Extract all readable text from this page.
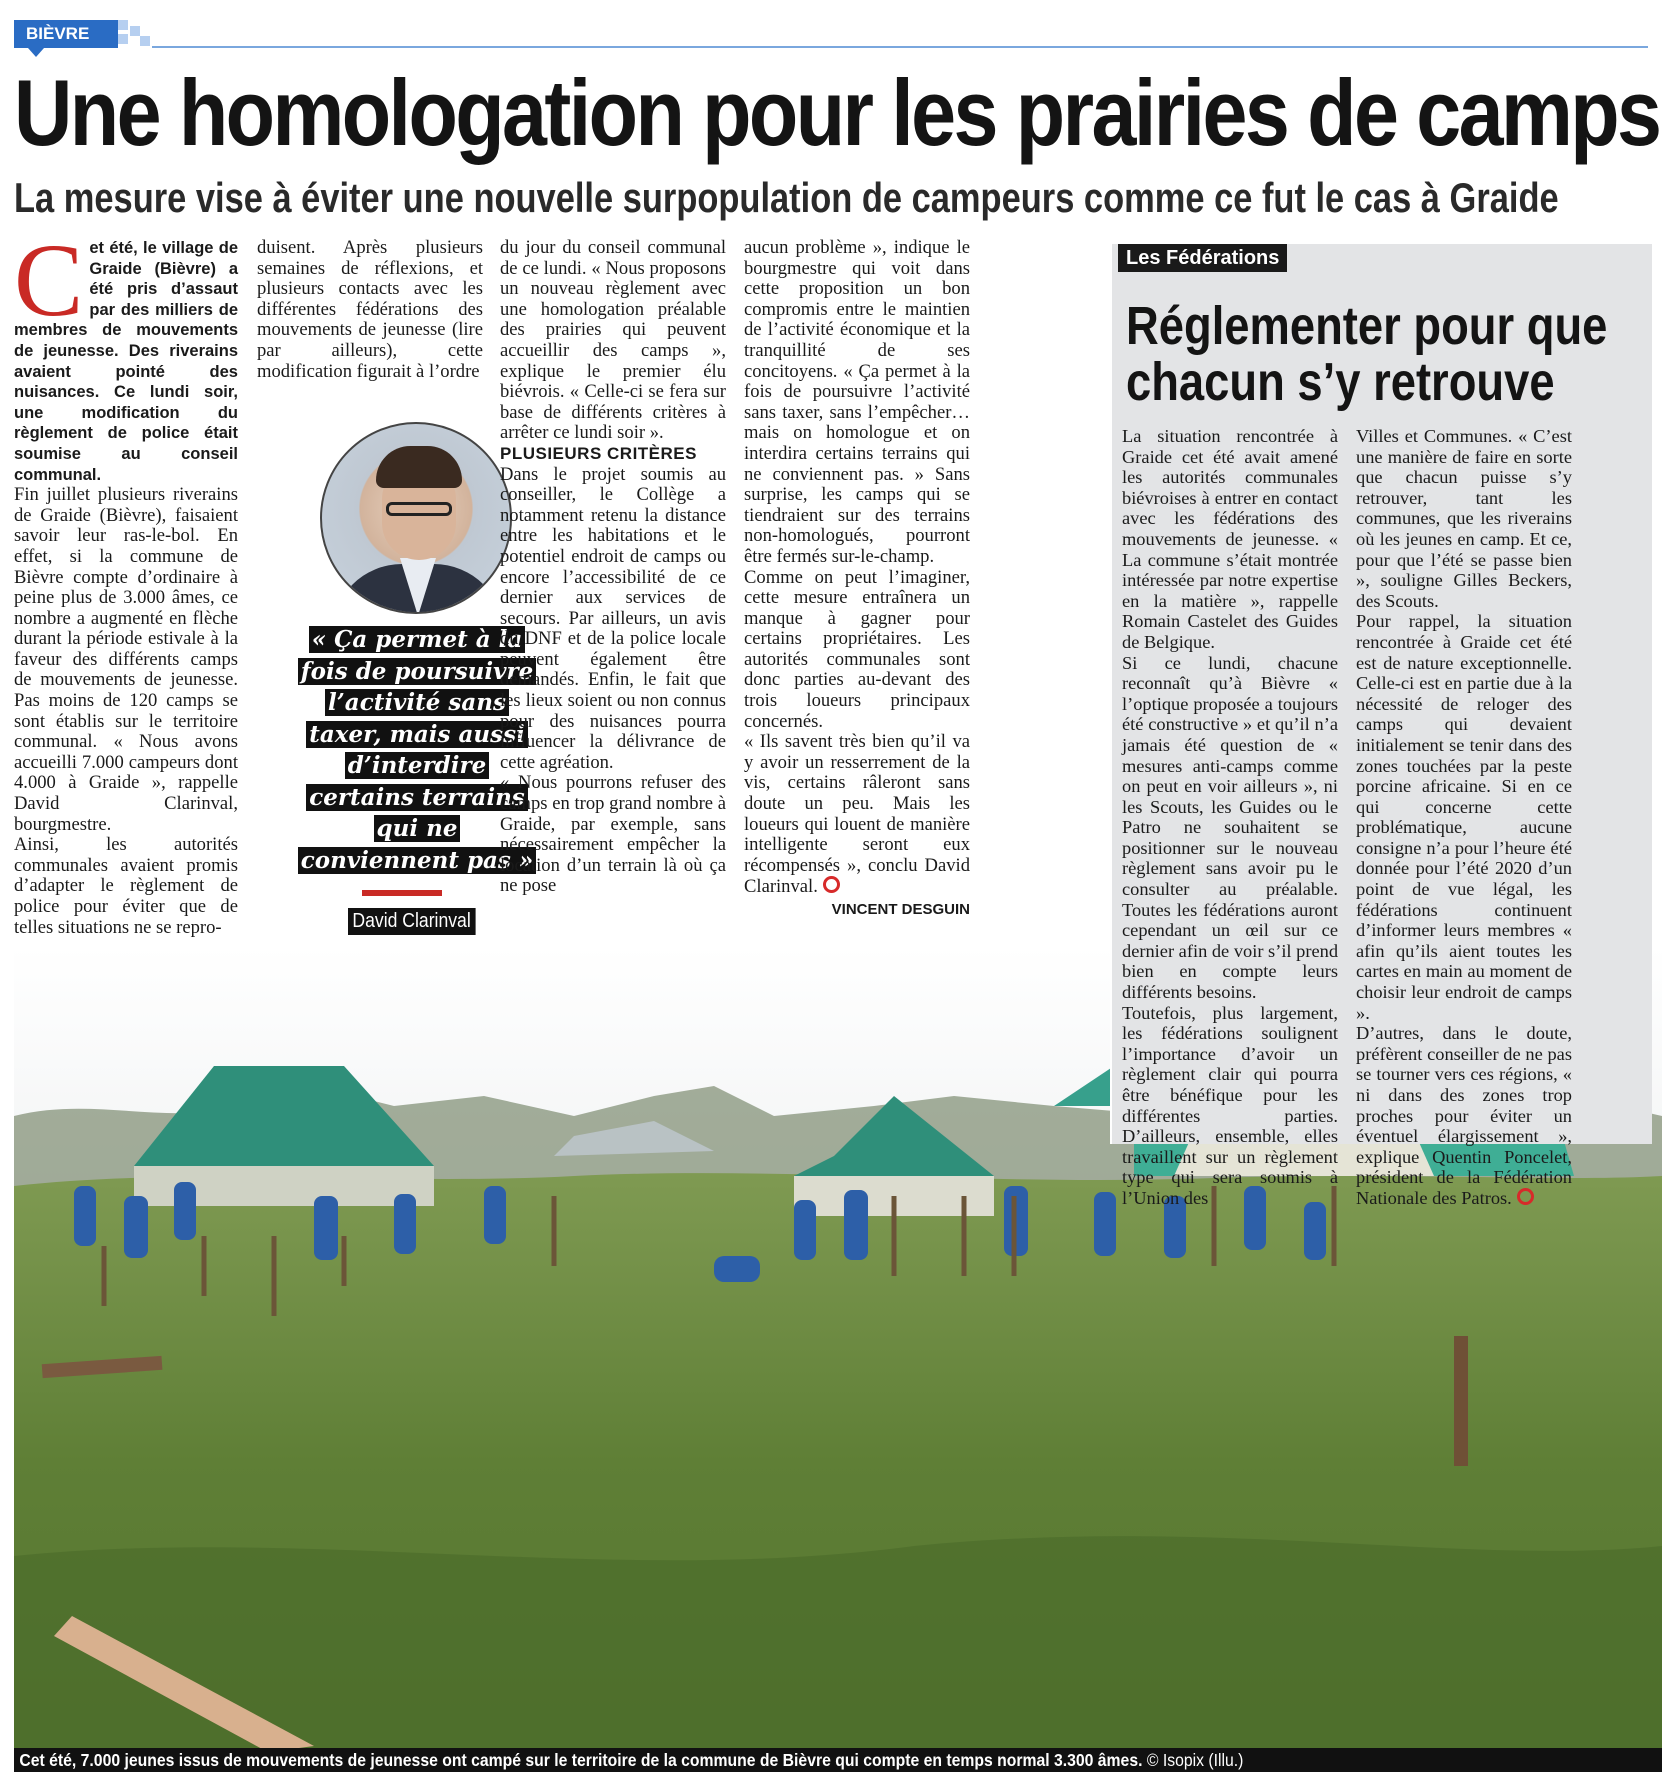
BIÈVRE
Une homologation pour les prairies de camps
La mesure vise à éviter une nouvelle surpopulation de campeurs comme ce fut le cas à Graide

Cet été, le village de Graide (Bièvre) a été pris d’assaut par des milliers de membres de mouvements de jeunesse. Des riverains avaient pointé des nuisances. Ce lundi soir, une modification du règlement de police était soumise au conseil communal.

Fin juillet plusieurs riverains de Graide (Bièvre), faisaient savoir leur ras-le-bol. En effet, si la commune de Bièvre compte d’ordinaire à peine plus de 3.000 âmes, ce nombre a augmenté en flèche durant la période estivale à la faveur des différents camps de mouvements de jeunesse. Pas moins de 120 camps se sont établis sur le territoire communal. « Nous avons accueilli 7.000 campeurs dont 4.000 à Graide », rappelle David Clarinval, bourgmestre.

Ainsi, les autorités communales avaient promis d’adapter le règlement de police pour éviter que de telles situations ne se repro-

duisent. Après plusieurs semaines de réflexions, et plusieurs contacts avec les différentes fédérations des mouvements de jeunesse (lire par ailleurs), cette modification figurait à l’ordre

« Ça permet à la fois de poursuivre l’activité sans taxer, mais aussi d’interdire certains terrains qui ne conviennent pas »
David Clarinval

du jour du conseil communal de ce lundi. « Nous proposons un nouveau règlement avec une homologation préalable des prairies qui peuvent accueillir des camps », explique le premier élu biévrois. « Celle-ci se fera sur base de différents critères à arrêter ce lundi soir ».

PLUSIEURS CRITÈRES

Dans le projet soumis au conseiller, le Collège a notamment retenu la distance entre les habitations et le potentiel endroit de camps ou encore l’accessibilité de ce dernier aux services de secours. Par ailleurs, un avis du DNF et de la police locale peuvent également être demandés. Enfin, le fait que les lieux soient ou non connus pour des nuisances pourra influencer la délivrance de cette agréation.

« Nous pourrons refuser des camps en trop grand nombre à Graide, par exemple, sans nécessairement empêcher la location d’un terrain là où ça ne pose

aucun problème », indique le bourgmestre qui voit dans cette proposition un bon compromis entre le maintien de l’activité économique et la tranquillité de ses concitoyens. « Ça permet à la fois de poursuivre l’activité sans taxer, sans l’empêcher… mais on homologue et on interdira certains terrains qui ne conviennent pas. » Sans surprise, les camps qui se tiendraient sur des terrains non-homologués, pourront être fermés sur-le-champ.

Comme on peut l’imaginer, cette mesure entraînera un manque à gagner pour certains propriétaires. Les autorités communales sont donc parties au-devant des trois loueurs principaux concernés.

« Ils savent très bien qu’il va y avoir un resserrement de la vis, certains râleront sans doute un peu. Mais les loueurs qui louent de manière intelligente seront eux récompensés », conclu David Clarinval.

VINCENT DESGUIN
Les Fédérations
Réglementer pour que chacun s’y retrouve

La situation rencontrée à Graide cet été avait amené les autorités communales biévroises à entrer en contact avec les fédérations des mouvements de jeunesse. « La commune s’était montrée intéressée par notre expertise en la matière », rappelle Romain Castelet des Guides de Belgique.

Si ce lundi, chacune reconnaît qu’à Bièvre « l’optique proposée a toujours été constructive » et qu’il n’a jamais été question de « mesures anti-camps comme on peut en voir ailleurs », ni les Scouts, les Guides ou le Patro ne souhaitent se positionner sur le nouveau règlement sans avoir pu le consulter au préalable. Toutes les fédérations auront cependant un œil sur ce dernier afin de voir s’il prend bien en compte leurs différents besoins.

Toutefois, plus largement, les fédérations soulignent l’importance d’avoir un règlement clair qui pourra être bénéfique pour les différentes parties. D’ailleurs, ensemble, elles travaillent sur un règlement type qui sera soumis à l’Union des

Villes et Communes. « C’est une manière de faire en sorte que chacun puisse s’y retrouver, tant les communes, que les riverains où les jeunes en camp. Et ce, pour que l’été se passe bien », souligne Gilles Beckers, des Scouts.

Pour rappel, la situation rencontrée à Graide cet été est de nature exceptionnelle. Celle-ci est en partie due à la nécessité de reloger des camps qui devaient initialement se tenir dans des zones touchées par la peste porcine africaine. Si en ce qui concerne cette problématique, aucune consigne n’a pour l’heure été donnée pour l’été 2020 d’un point de vue légal, les fédérations continuent d’informer leurs membres « afin qu’ils aient toutes les cartes en main au moment de choisir leur endroit de camps ».

D’autres, dans le doute, préfèrent conseiller de ne pas se tourner vers ces régions, « ni dans des zones trop proches pour éviter un éventuel élargissement », explique Quentin Poncelet, président de la Fédération Nationale des Patros.

Cet été, 7.000 jeunes issus de mouvements de jeunesse ont campé sur le territoire de la commune de Bièvre qui compte en temps normal 3.300 âmes. © Isopix (Illu.)
